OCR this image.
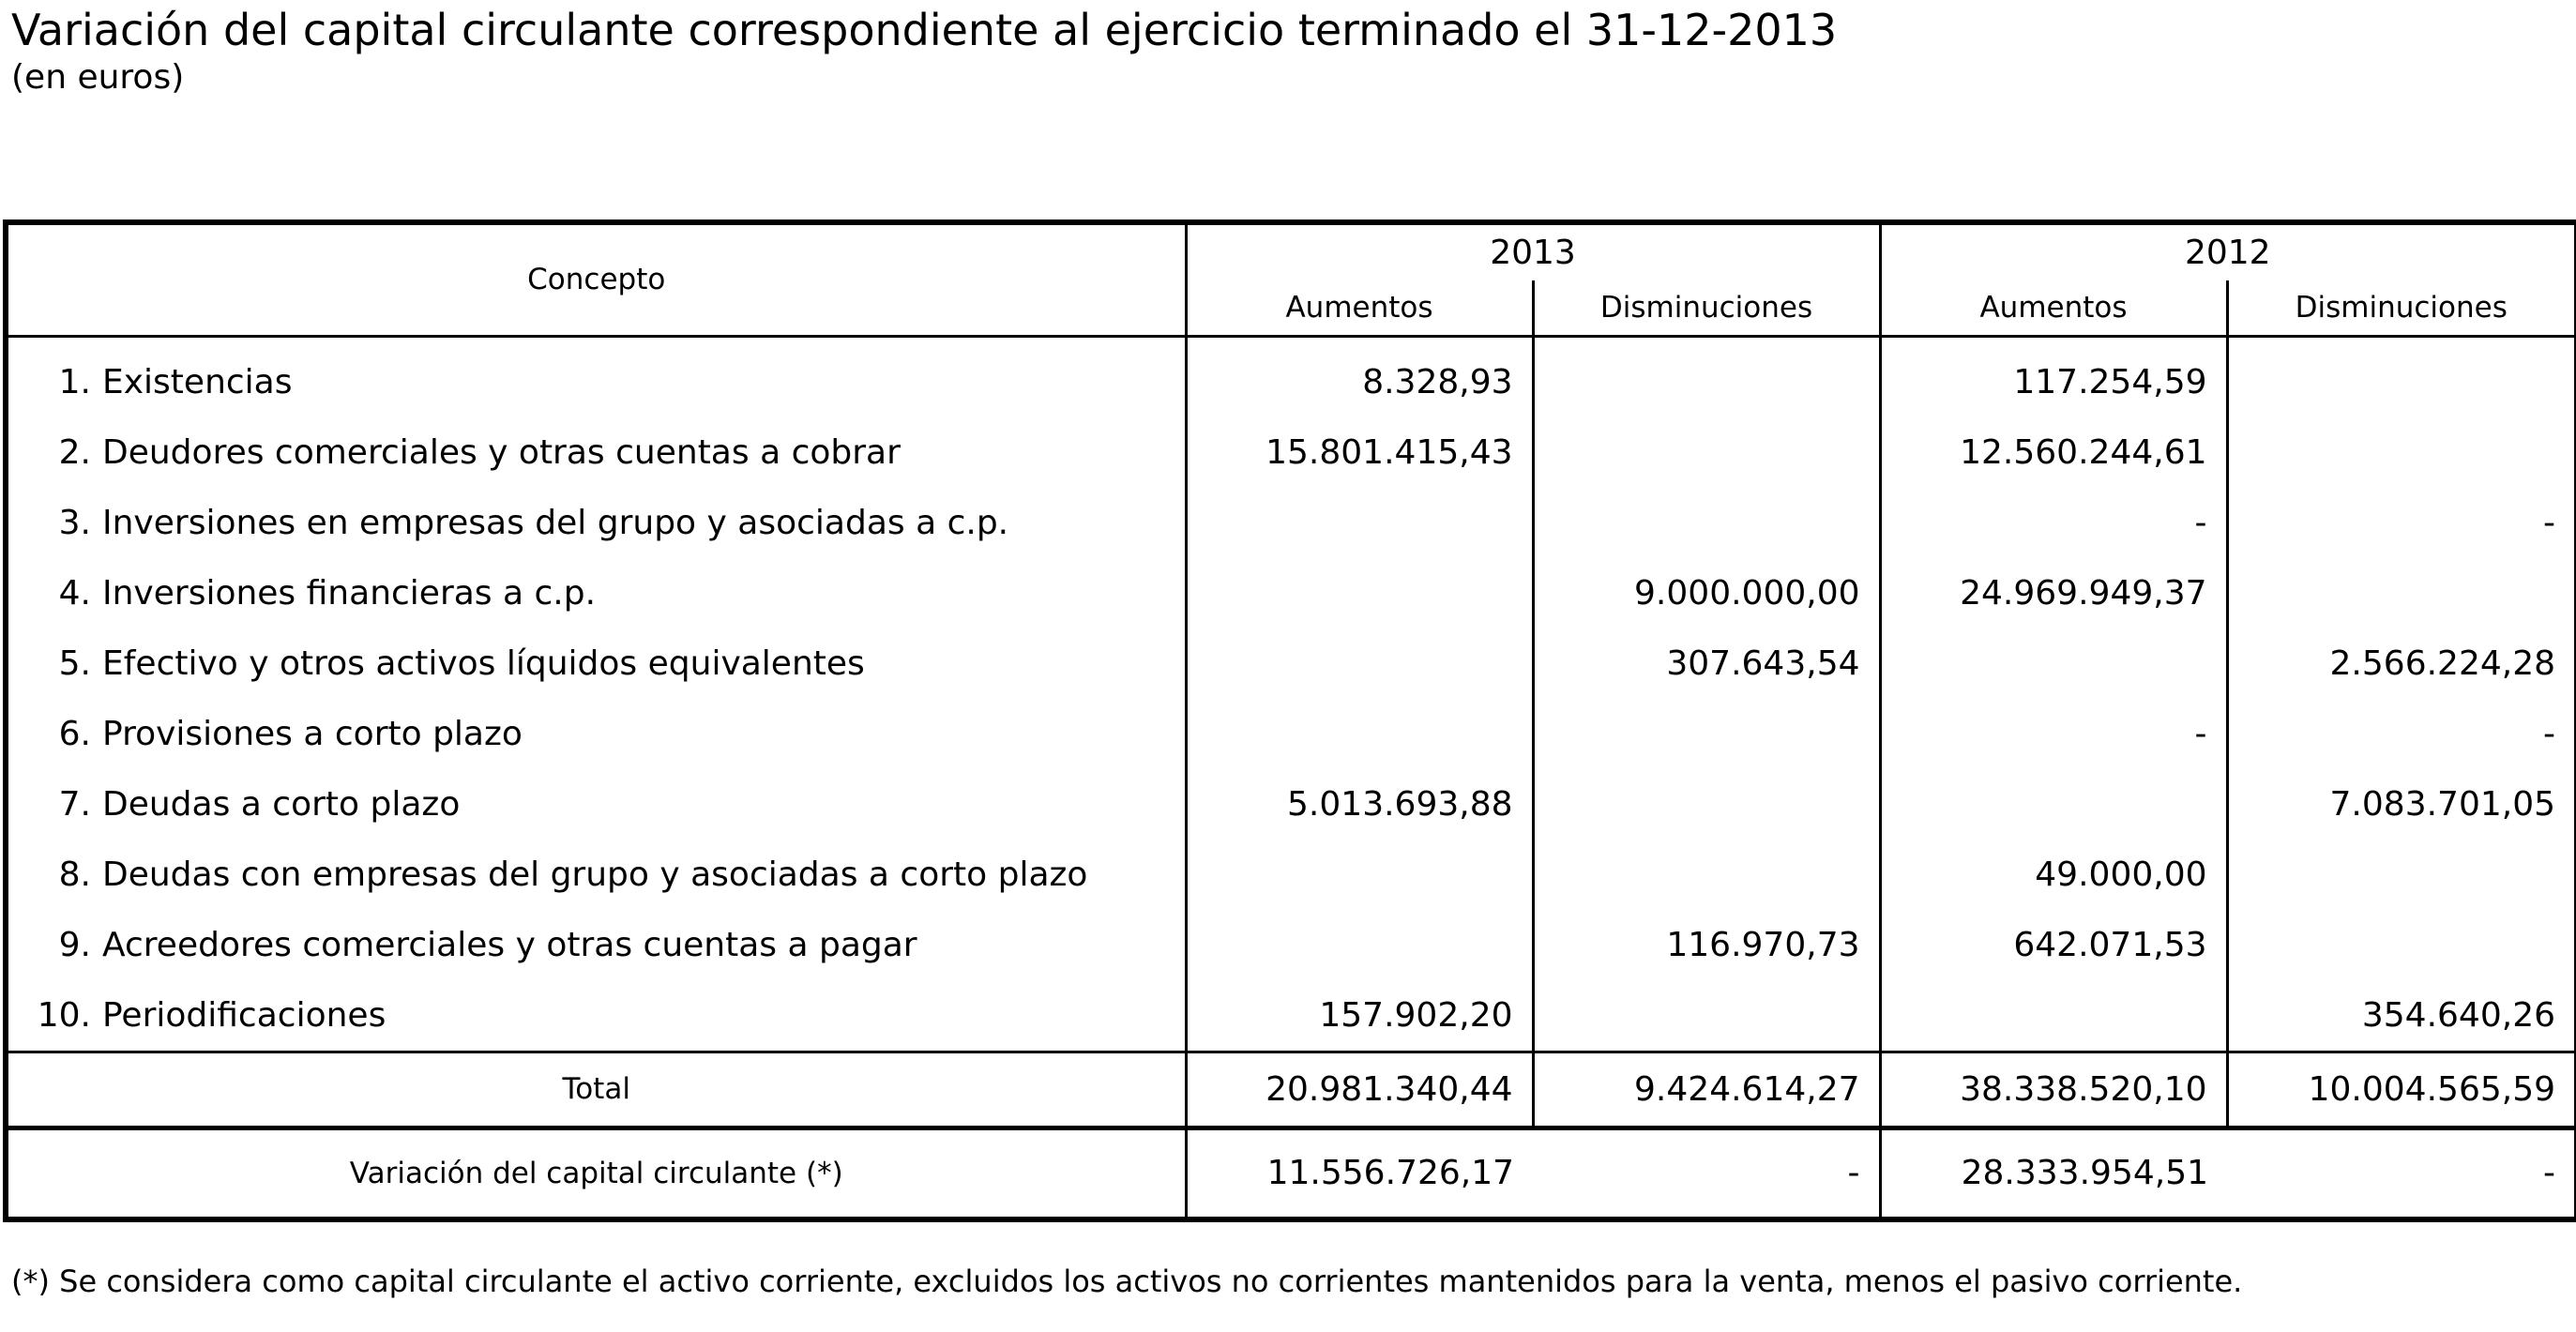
Variación del capital circulante correspondiente al ejercicio terminado el 31-12-2013
(en euros)
Concepto	2013		2012	
	Aumentos	Disminuciones	Aumentos	Disminuciones
1. Existencias	8.328,93		117.254,59	
2. Deudores comerciales y otras cuentas a cobrar	15.801.415,43		12.560.244,61	
3. Inversiones en empresas del grupo y asociadas a c.p.			-	-
4. Inversiones financieras a c.p.		9.000.000,00	24.969.949,37	
5. Efectivo y otros activos líquidos equivalentes		307.643,54		2.566.224,28
6. Provisiones a corto plazo			-	-
7. Deudas a corto plazo	5.013.693,88			7.083.701,05
8. Deudas con empresas del grupo y asociadas a corto plazo			49.000,00	
9. Acreedores comerciales y otras cuentas a pagar		116.970,73	642.071,53	
10. Periodificaciones	157.902,20			354.640,26
Total	20.981.340,44	9.424.614,27	38.338.520,10	10.004.565,59
Variación del capital circulante (*)	11.556.726,17	-	28.333.954,51	-
(*) Se considera como capital circulante el activo corriente, excluidos los activos no corrientes mantenidos para la venta, menos el pasivo corriente.
